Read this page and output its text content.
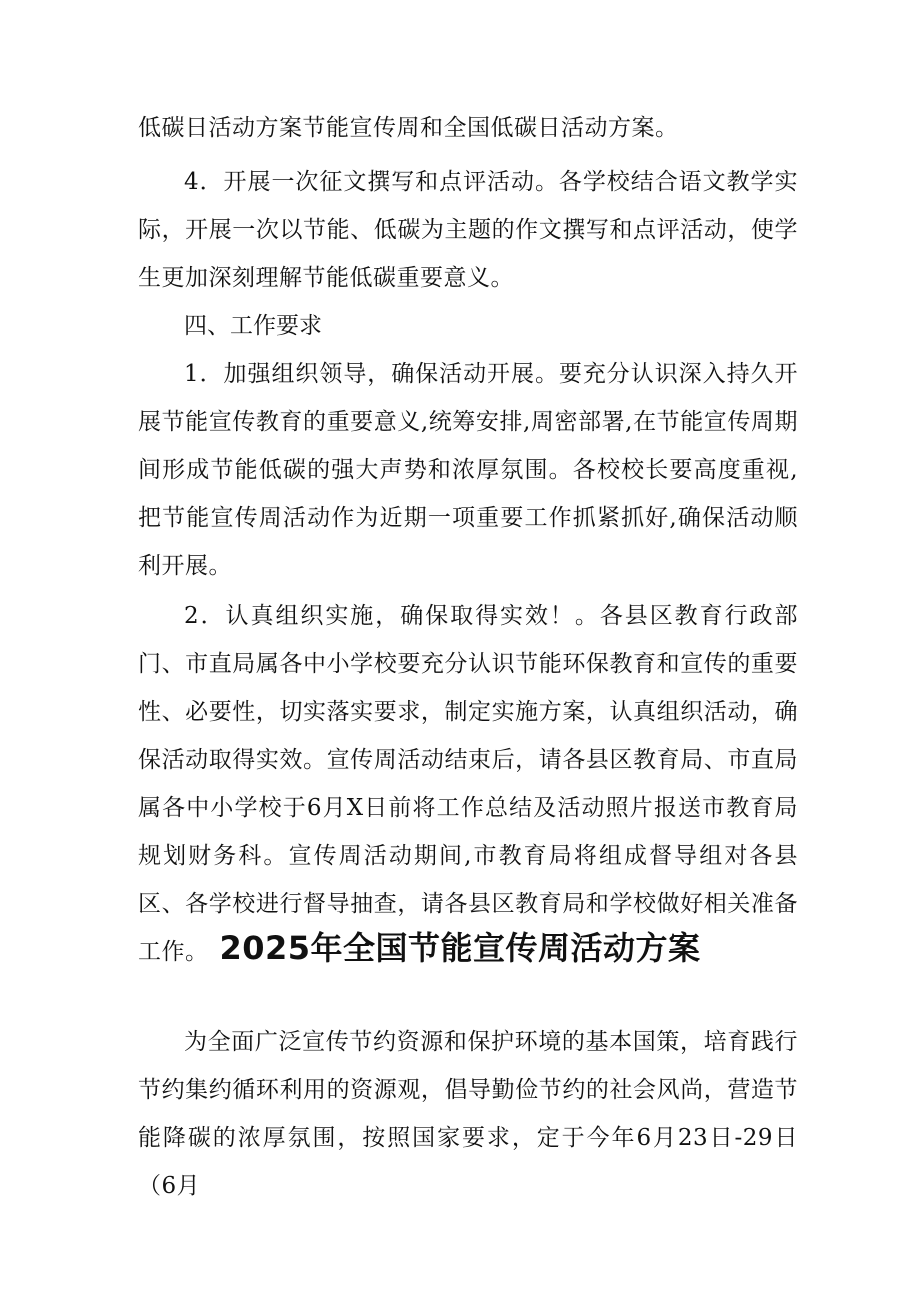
低碳日活动方案节能宣传周和全国低碳日活动方案。

4．开展一次征文撰写和点评活动。各学校结合语文教学实际，开展一次以节能、低碳为主题的作文撰写和点评活动，使学生更加深刻理解节能低碳重要意义。

四、工作要求

1．加强组织领导，确保活动开展。要充分认识深入持久开展节能宣传教育的重要意义,统筹安排,周密部署,在节能宣传周期间形成节能低碳的强大声势和浓厚氛围。各校校长要高度重视,把节能宣传周活动作为近期一项重要工作抓紧抓好,确保活动顺利开展。

2．认真组织实施，确保取得实效！。各县区教育行政部门、市直局属各中小学校要充分认识节能环保教育和宣传的重要性、必要性，切实落实要求，制定实施方案，认真组织活动，确保活动取得实效。宣传周活动结束后，请各县区教育局、市直局属各中小学校于6月X日前将工作总结及活动照片报送市教育局规划财务科。宣传周活动期间,市教育局将组成督导组对各县区、各学校进行督导抽查，请各县区教育局和学校做好相关准备工作。 2025年全国节能宣传周活动方案

为全面广泛宣传节约资源和保护环境的基本国策，培育践行节约集约循环利用的资源观，倡导勤俭节约的社会风尚，营造节能降碳的浓厚氛围，按照国家要求，定于今年6月23日-29日（6月
